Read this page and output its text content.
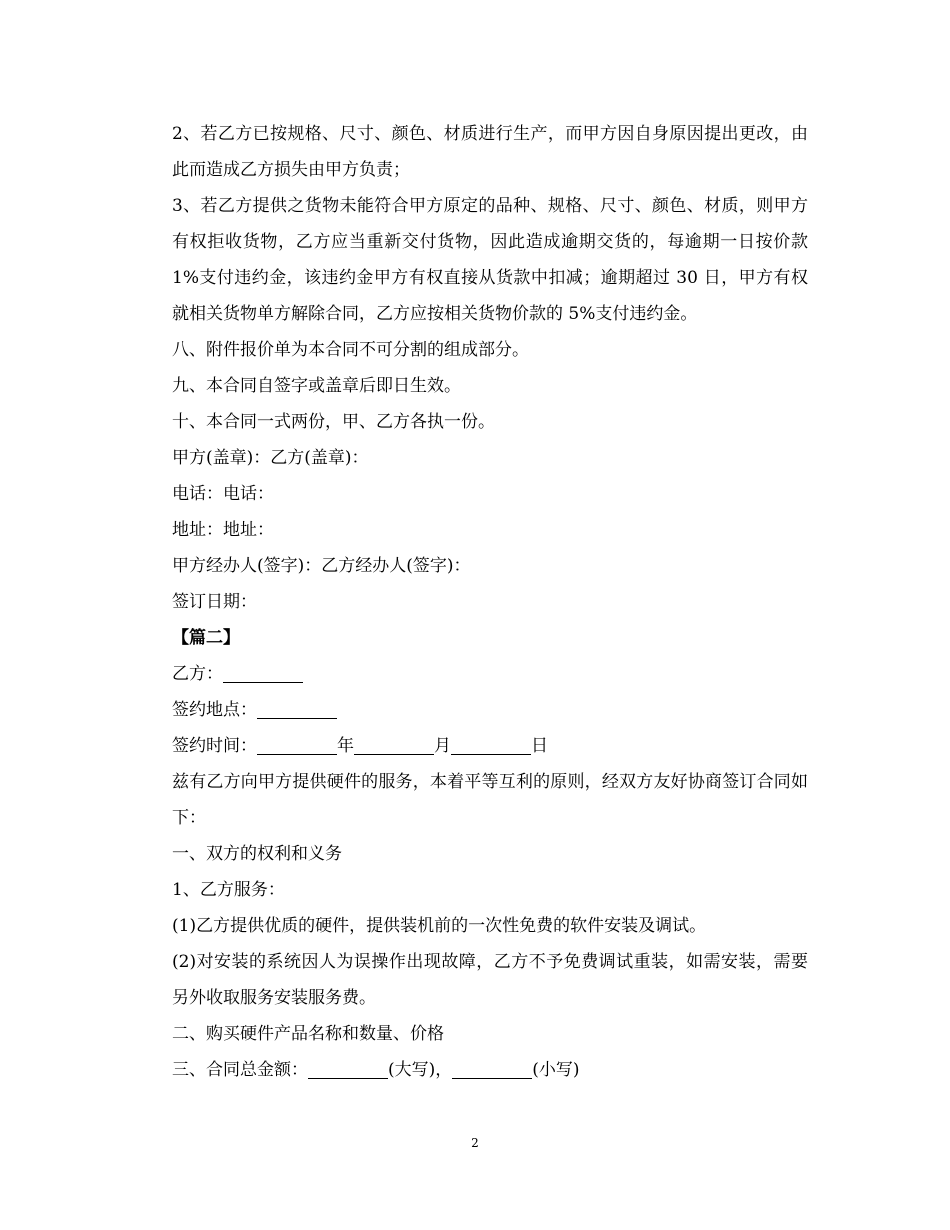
2、若乙方已按规格、尺寸、颜色、材质进行生产，而甲方因自身原因提出更改，由此而造成乙方损失由甲方负责；

3、若乙方提供之货物未能符合甲方原定的品种、规格、尺寸、颜色、材质，则甲方有权拒收货物，乙方应当重新交付货物，因此造成逾期交货的，每逾期一日按价款 1%支付违约金，该违约金甲方有权直接从货款中扣减；逾期超过 30 日，甲方有权就相关货物单方解除合同，乙方应按相关货物价款的 5%支付违约金。

八、附件报价单为本合同不可分割的组成部分。

九、本合同自签字或盖章后即日生效。

十、本合同一式两份，甲、乙方各执一份。

甲方(盖章)：乙方(盖章)：

电话：电话：

地址：地址：

甲方经办人(签字)：乙方经办人(签字)：

签订日期：

【篇二】

乙方：

签约地点：

签约时间：	年	月	日

兹有乙方向甲方提供硬件的服务，本着平等互利的原则，经双方友好协商签订合同如下：

一、双方的权利和义务

1、乙方服务：

(1)乙方提供优质的硬件，提供装机前的一次性免费的软件安装及调试。

(2)对安装的系统因人为误操作出现故障，乙方不予免费调试重装，如需安装，需要另外收取服务安装服务费。

二、购买硬件产品名称和数量、价格

三、合同总金额：	(大写)，	(小写)

2
